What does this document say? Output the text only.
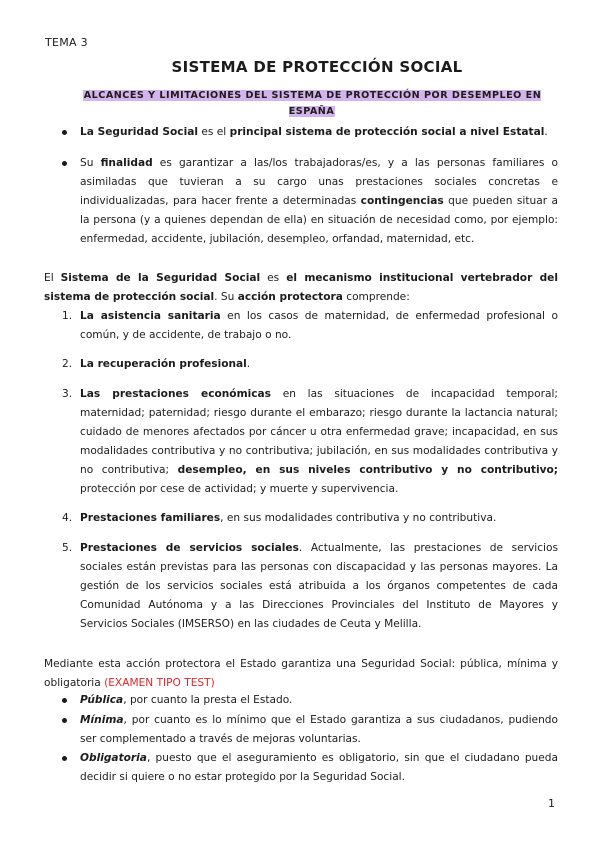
TEMA 3
SISTEMA DE PROTECCIÓN SOCIAL
ALCANCES Y LIMITACIONES DEL SISTEMA DE PROTECCIÓN POR DESEMPLEO EN ESPAÑA
La Seguridad Social es el principal sistema de protección social a nivel Estatal.
Su finalidad es garantizar a las/los trabajadoras/es, y a las personas familiares o asimiladas que tuvieran a su cargo unas prestaciones sociales concretas e individualizadas, para hacer frente a determinadas contingencias que pueden situar a la persona (y a quienes dependan de ella) en situación de necesidad como, por ejemplo: enfermedad, accidente, jubilación, desempleo, orfandad, maternidad, etc.
El Sistema de la Seguridad Social es el mecanismo institucional vertebrador del sistema de protección social. Su acción protectora comprende:
1. La asistencia sanitaria en los casos de maternidad, de enfermedad profesional o común, y de accidente, de trabajo o no.
2. La recuperación profesional.
3. Las prestaciones económicas en las situaciones de incapacidad temporal; maternidad; paternidad; riesgo durante el embarazo; riesgo durante la lactancia natural; cuidado de menores afectados por cáncer u otra enfermedad grave; incapacidad, en sus modalidades contributiva y no contributiva; jubilación, en sus modalidades contributiva y no contributiva; desempleo, en sus niveles contributivo y no contributivo; protección por cese de actividad; y muerte y supervivencia.
4. Prestaciones familiares, en sus modalidades contributiva y no contributiva.
5. Prestaciones de servicios sociales. Actualmente, las prestaciones de servicios sociales están previstas para las personas con discapacidad y las personas mayores. La gestión de los servicios sociales está atribuida a los órganos competentes de cada Comunidad Autónoma y a las Direcciones Provinciales del Instituto de Mayores y Servicios Sociales (IMSERSO) en las ciudades de Ceuta y Melilla.
Mediante esta acción protectora el Estado garantiza una Seguridad Social: pública, mínima y obligatoria (EXAMEN TIPO TEST)
Pública, por cuanto la presta el Estado.
Mínima, por cuanto es lo mínimo que el Estado garantiza a sus ciudadanos, pudiendo ser complementado a través de mejoras voluntarias.
Obligatoria, puesto que el aseguramiento es obligatorio, sin que el ciudadano pueda decidir si quiere o no estar protegido por la Seguridad Social.
1
